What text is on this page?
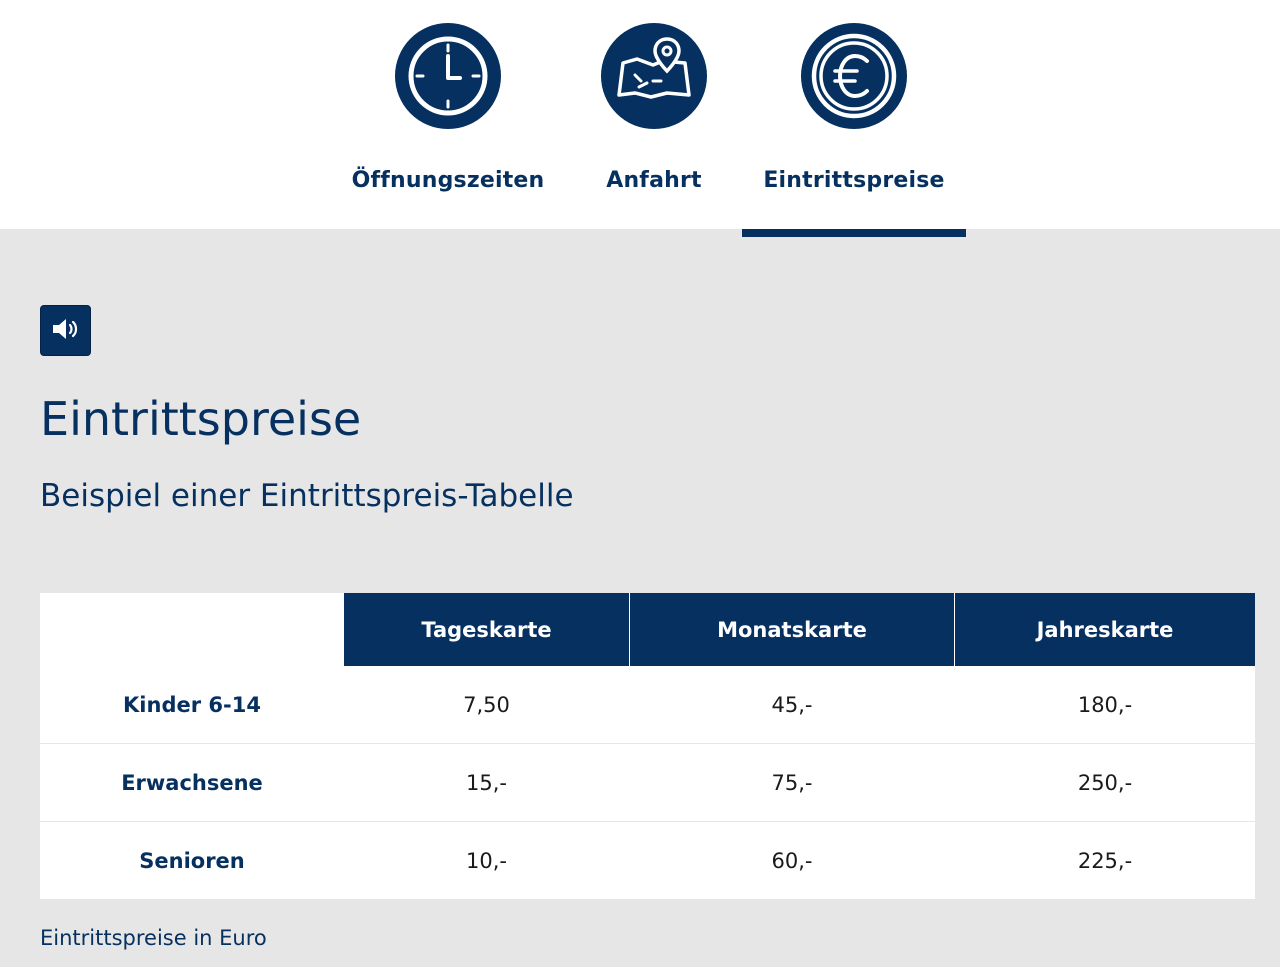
Öffnungszeiten	Anfahrt	Eintrittspreise
Eintrittspreise
Beispiel einer Eintrittspreis-Tabelle
Tageskarte	Monatskarte	Jahreskarte
Kinder 6-14	7,50	45,-	180,-
Erwachsene	15,-	75,-	250,-
Senioren	10,-	60,-	225,-

Eintrittspreise in Euro
